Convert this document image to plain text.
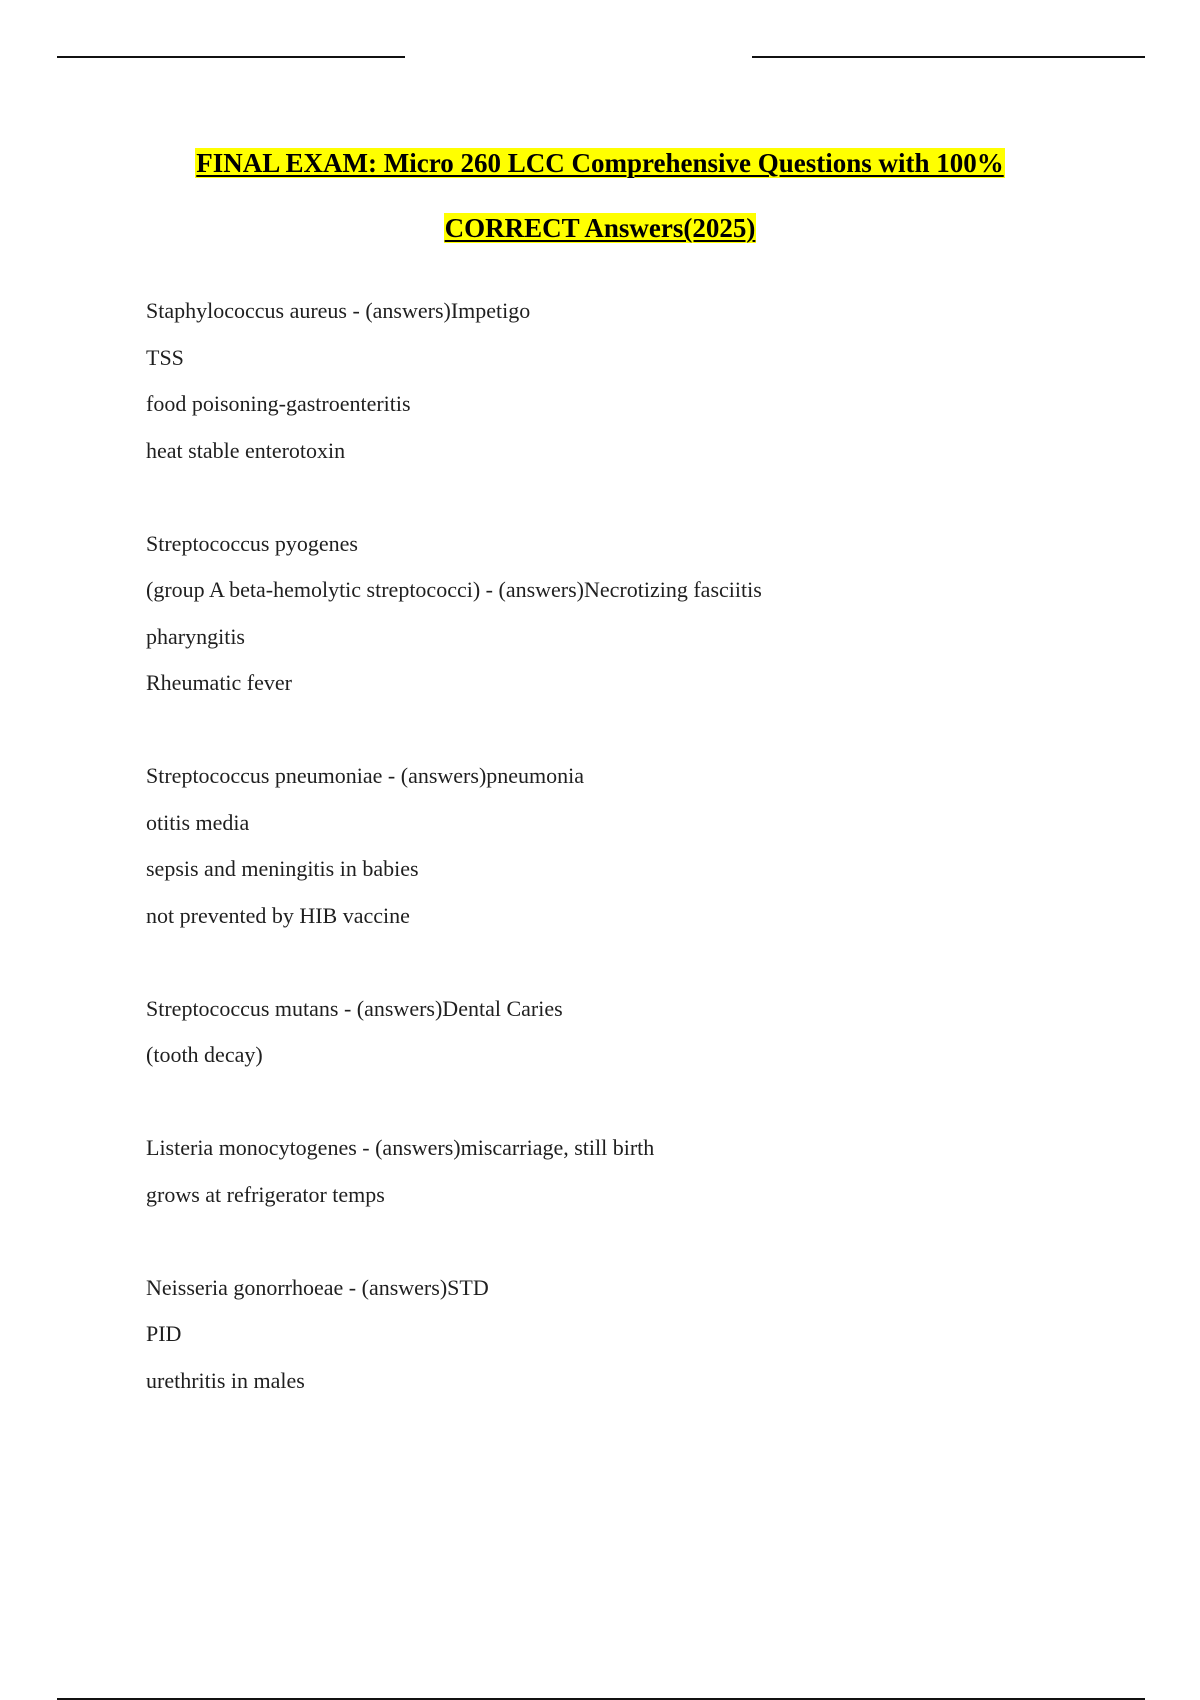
FINAL EXAM: Micro 260 LCC Comprehensive Questions with 100%
CORRECT Answers(2025)
Staphylococcus aureus - (answers)Impetigo
TSS
food poisoning-gastroenteritis
heat stable enterotoxin
Streptococcus pyogenes
(group A beta-hemolytic streptococci) - (answers)Necrotizing fasciitis
pharyngitis
Rheumatic fever
Streptococcus pneumoniae - (answers)pneumonia
otitis media
sepsis and meningitis in babies
not prevented by HIB vaccine
Streptococcus mutans - (answers)Dental Caries
(tooth decay)
Listeria monocytogenes - (answers)miscarriage, still birth
grows at refrigerator temps
Neisseria gonorrhoeae - (answers)STD
PID
urethritis in males
